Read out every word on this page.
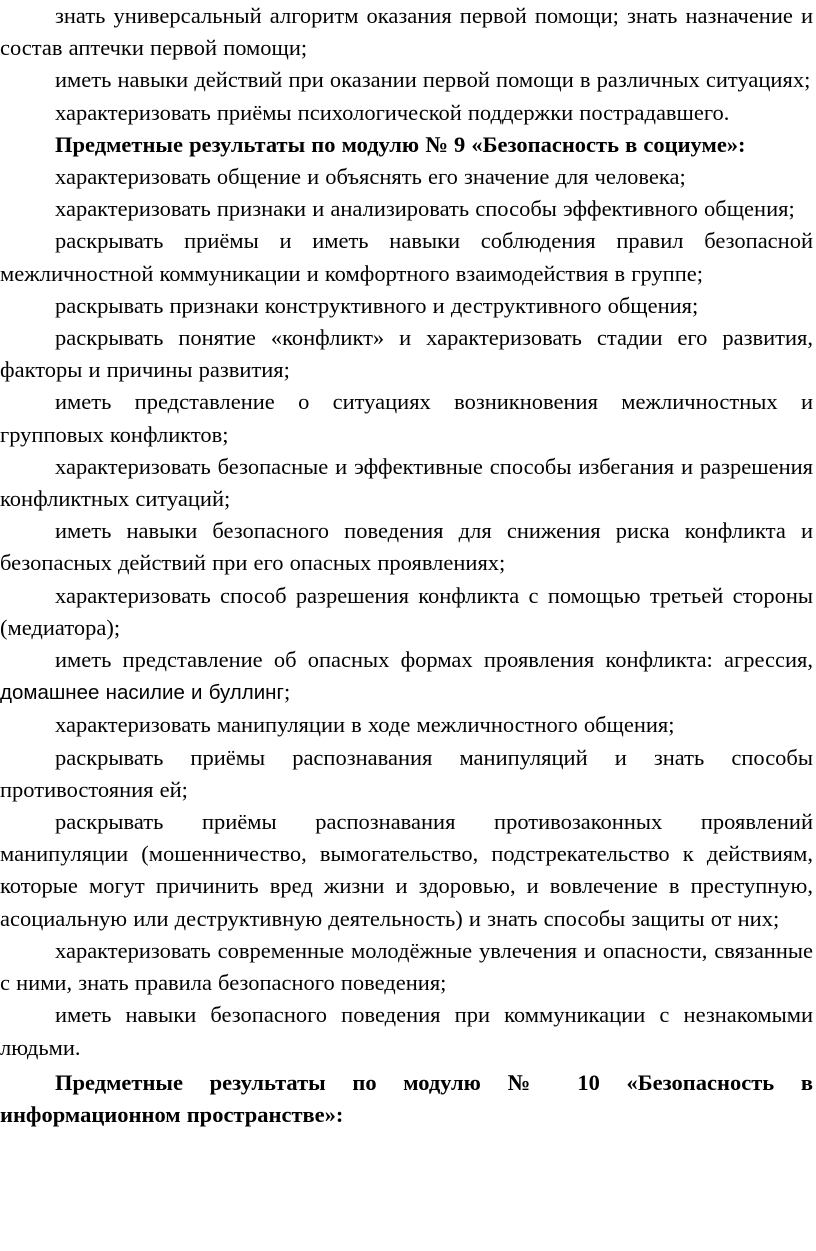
знать универсальный алгоритм оказания первой помощи; знать назначение и состав аптечки первой помощи;

иметь навыки действий при оказании первой помощи в различных ситуациях;

характеризовать приёмы психологической поддержки пострадавшего.

Предметные результаты по модулю № 9 «Безопасность в социуме»:

характеризовать общение и объяснять его значение для человека;

характеризовать признаки и анализировать способы эффективного общения;

раскрывать приёмы и иметь навыки соблюдения правил безопасной межличностной коммуникации и комфортного взаимодействия в группе;

раскрывать признаки конструктивного и деструктивного общения;

раскрывать понятие «конфликт» и характеризовать стадии его развития, факторы и причины развития;

иметь представление о ситуациях возникновения межличностных и групповых конфликтов;

характеризовать безопасные и эффективные способы избегания и разрешения конфликтных ситуаций;

иметь навыки безопасного поведения для снижения риска конфликта и безопасных действий при его опасных проявлениях;

характеризовать способ разрешения конфликта с помощью третьей стороны (медиатора);

иметь представление об опасных формах проявления конфликта: агрессия, домашнее насилие и буллинг;

характеризовать манипуляции в ходе межличностного общения;

раскрывать приёмы распознавания манипуляций и знать способы противостояния ей;

раскрывать приёмы распознавания противозаконных проявлений манипуляции (мошенничество, вымогательство, подстрекательство к действиям, которые могут причинить вред жизни и здоровью, и вовлечение в преступную, асоциальную или деструктивную деятельность) и знать способы защиты от них;

характеризовать современные молодёжные увлечения и опасности, связанные с ними, знать правила безопасного поведения;

иметь навыки безопасного поведения при коммуникации с незнакомыми людьми.

Предметные результаты по модулю № 10 «Безопасность в информационном пространстве»:
